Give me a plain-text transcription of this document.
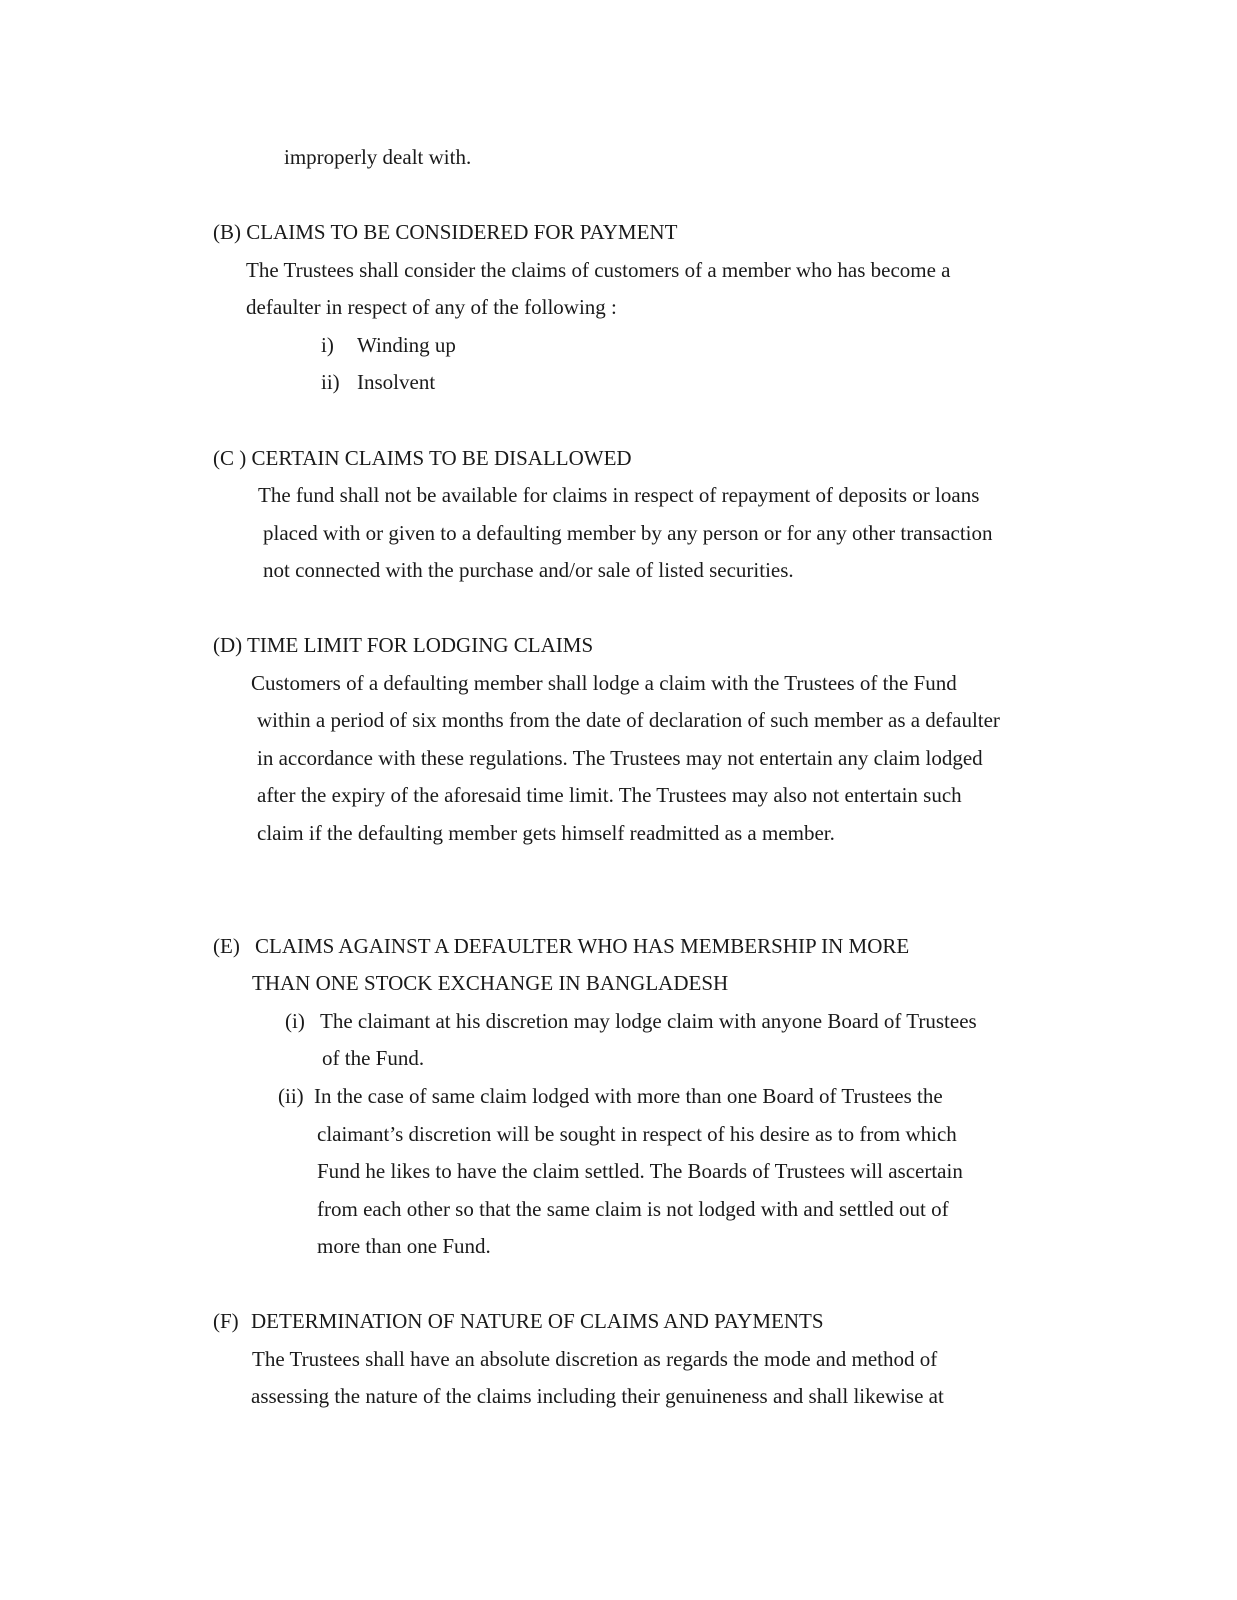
improperly dealt with.
(B) CLAIMS TO BE CONSIDERED FOR PAYMENT
The Trustees shall consider the claims of customers of a member who has become a
defaulter in respect of any of the following :
i) Winding up
ii) Insolvent
(C ) CERTAIN CLAIMS TO BE DISALLOWED
The fund shall not be available for claims in respect of repayment of deposits or loans
placed with or given to a defaulting member by any person or for any other transaction
not connected with the purchase and/or sale of listed securities.
(D) TIME LIMIT FOR LODGING CLAIMS
Customers of a defaulting member shall lodge a claim with the Trustees of the Fund
within a period of six months from the date of declaration of such member as a defaulter
in accordance with these regulations. The Trustees may not entertain any claim lodged
after the expiry of the aforesaid time limit. The Trustees may also not entertain such
claim if the defaulting member gets himself readmitted as a member.
(E) CLAIMS AGAINST A DEFAULTER WHO HAS MEMBERSHIP IN MORE
THAN ONE STOCK EXCHANGE IN BANGLADESH
(i) The claimant at his discretion may lodge claim with anyone Board of Trustees
of the Fund.
(ii) In the case of same claim lodged with more than one Board of Trustees the
claimant’s discretion will be sought in respect of his desire as to from which
Fund he likes to have the claim settled. The Boards of Trustees will ascertain
from each other so that the same claim is not lodged with and settled out of
more than one Fund.
(F) DETERMINATION OF NATURE OF CLAIMS AND PAYMENTS
The Trustees shall have an absolute discretion as regards the mode and method of
assessing the nature of the claims including their genuineness and shall likewise at
